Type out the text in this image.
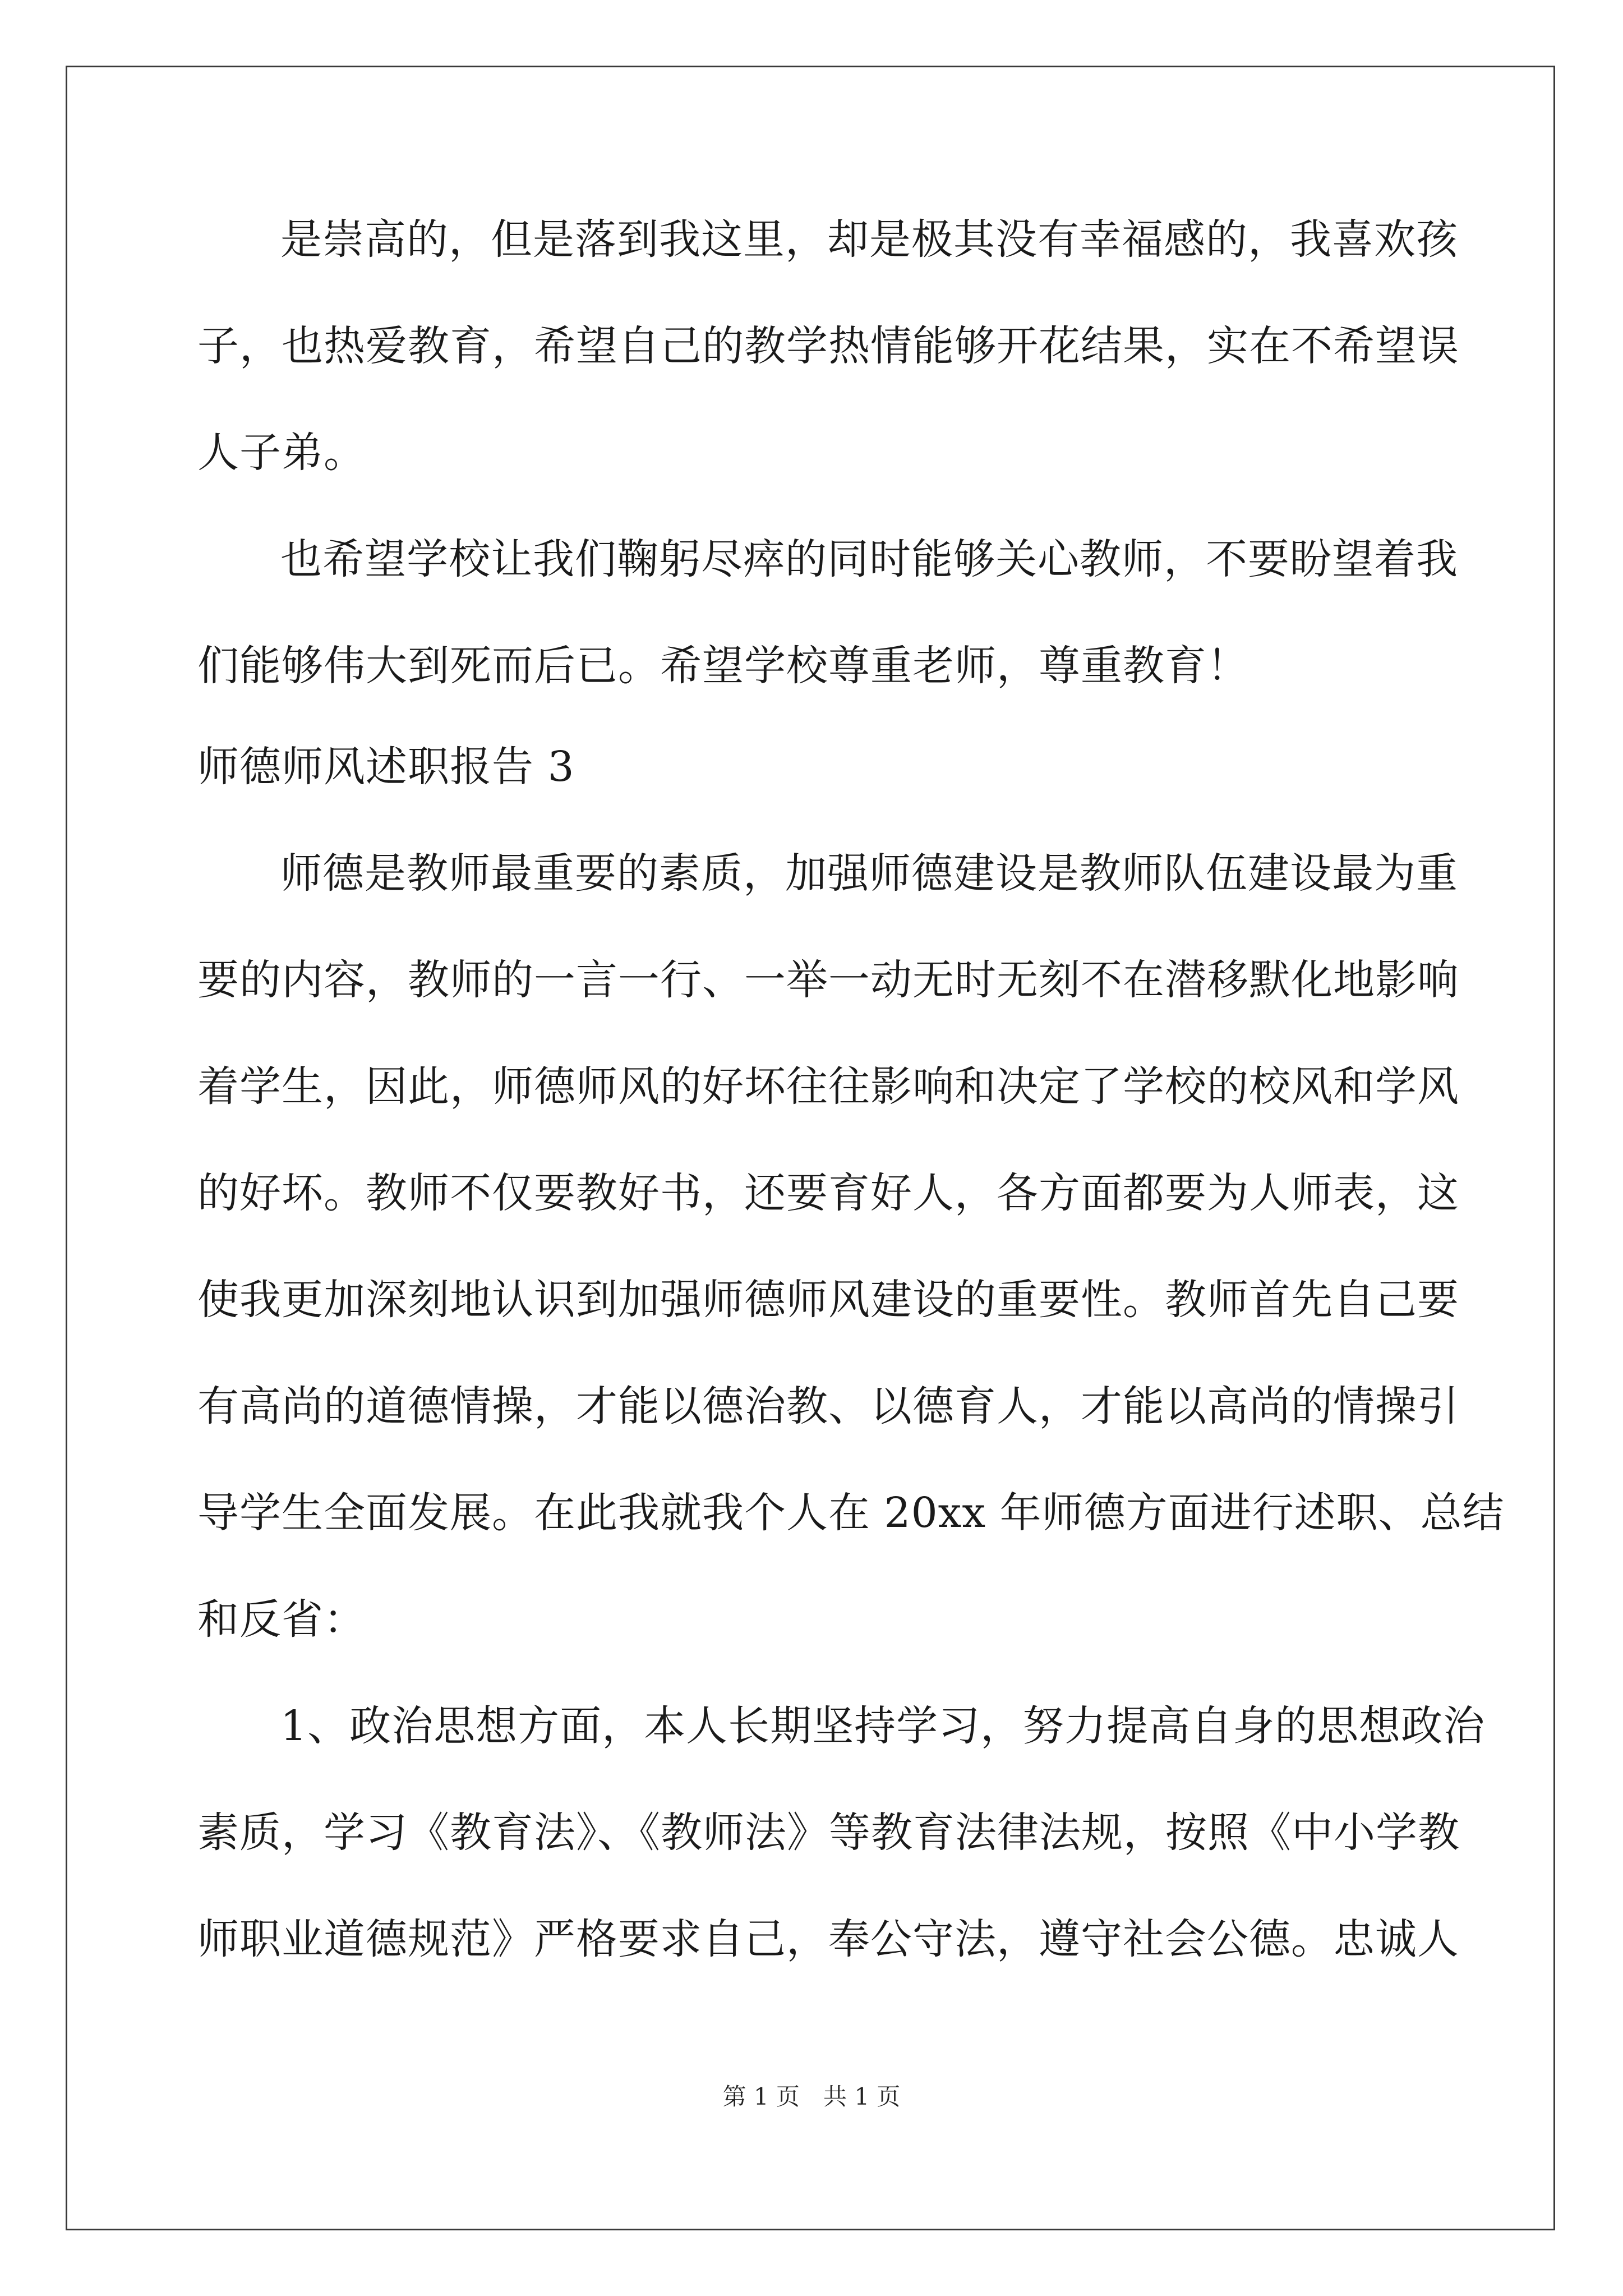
是崇高的，但是落到我这里，却是极其没有幸福感的，我喜欢孩
子，也热爱教育，希望自己的教学热情能够开花结果，实在不希望误
人子弟。
也希望学校让我们鞠躬尽瘁的同时能够关心教师，不要盼望着我
们能够伟大到死而后已。希望学校尊重老师，尊重教育！
师德师风述职报告 3
师德是教师最重要的素质，加强师德建设是教师队伍建设最为重
要的内容，教师的一言一行、一举一动无时无刻不在潜移默化地影响
着学生，因此，师德师风的好坏往往影响和决定了学校的校风和学风
的好坏。教师不仅要教好书，还要育好人，各方面都要为人师表，这
使我更加深刻地认识到加强师德师风建设的重要性。教师首先自己要
有高尚的道德情操，才能以德治教、以德育人，才能以高尚的情操引
导学生全面发展。在此我就我个人在 20xx 年师德方面进行述职、总结
和反省：
1、政治思想方面，本人长期坚持学习，努力提高自身的思想政治
素质，学习《教育法》、《教师法》等教育法律法规，按照《中小学教
师职业道德规范》严格要求自己，奉公守法，遵守社会公德。忠诚人
第 1 页　共 1 页
